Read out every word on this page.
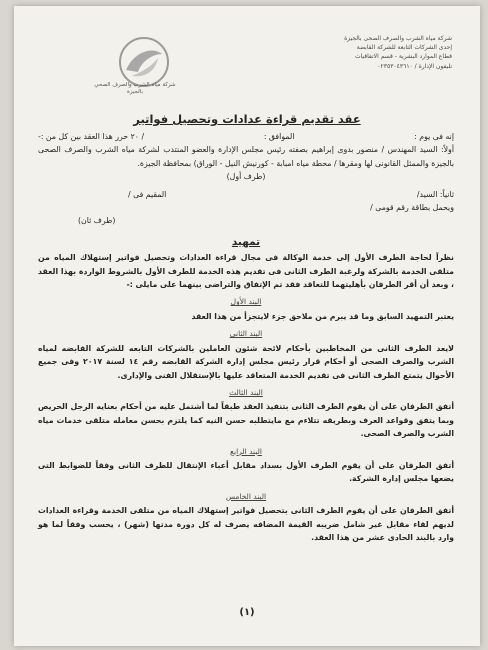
شركة مياه الشرب والصرف الصحى بالجيزة
إحدى الشركات التابعة للشركة القابضة
قطاع الموارد البشرية - قسم الاتفاقيات
تليفون الإدارة / ٠٢٣٥٣٠٤٣٦١٠
شركة مياه الشرب والصرف الصحي بالجيزة
عقد تقديم قراءة عدادات وتحصيل فواتير
إنه فى يوم :
الموافق :
/ ٢٠ حرر هذا العقد بين كل من :-

أولاً: السيد المهندس / منصور بدوى إبراهيم بصفته رئيس مجلس الإدارة والعضو المنتدب لشركة مياه الشرب والصرف الصحى بالجيزة والممثل القانونى لها ومقرها / محطة مياه امبابة - كورنيش النيل - الوراق) بمحافظة الجيزة.

(طرف أول)
ثانياً: السيد/
المقيم فى /
ويحمل بطاقة رقم قومى /
(طرف ثان)
تمهيد

نظراً لحاجة الطرف الأول إلى خدمة الوكالة فى مجال قراءة العدادات وتحصيل فواتير إستهلاك المياه من متلقى الخدمة بالشركة ولرغبة الطرف الثانى فى تقديم هذه الخدمة للطرف الأول بالشروط الواردة بهذا العقد ، وبعد أن أقر الطرفان بأهليتهما للتعاقد فقد تم الإتفاق والتراضى بينهما على مايلى :-

البند الأول

يعتبر التمهيد السابق وما قد يبرم من ملاحق جزء لايتجزأ من هذا العقد

البند الثانى

لايعد الطرف الثانى من المخاطبين بأحكام لائحة شئون العاملين بالشركات التابعه للشركة القابضه لمياه الشرب والصرف الصحى أو أحكام قرار رئيس مجلس إدارة الشركة القابضه رقم ١٤ لسنة ٢٠١٧ وفى جميع الأحوال يتمتع الطرف الثانى فى تقديم الخدمة المتعاقد عليها بالإستقلال الفنى والإدارى.

البند الثالث

أتفق الطرفان على أن يقوم الطرف الثانى بتنفيذ العقد طبقاً لما أشتمل عليه من أحكام بعنايه الرجل الحريص وبما يتفق وقواعد العرف وبطريقه تتلاءم مع مايتطلبه حسن النيه كما يلتزم بحسن معامله متلقى خدمات مياه الشرب والصرف الصحى.

البند الرابع

أتفق الطرفان على أن يقوم الطرف الأول بسداد مقابل أعباء الإنتقال للطرف الثانى وفقاً للضوابط التى يضعها مجلس إدارة الشركة.

البند الخامس

أتفق الطرفان على أن يقوم الطرف الثانى بتحصيل فواتير إستهلاك المياه من متلقى الخدمة وقراءة العدادات لديهم لقاء مقابل غير شامل ضريبه القيمة المضافه يصرف له كل دورة مدتها (شهر) ، يحسب وفقاً لما هو وارد بالبند الحادى عشر من هذا العقد.

(١)
